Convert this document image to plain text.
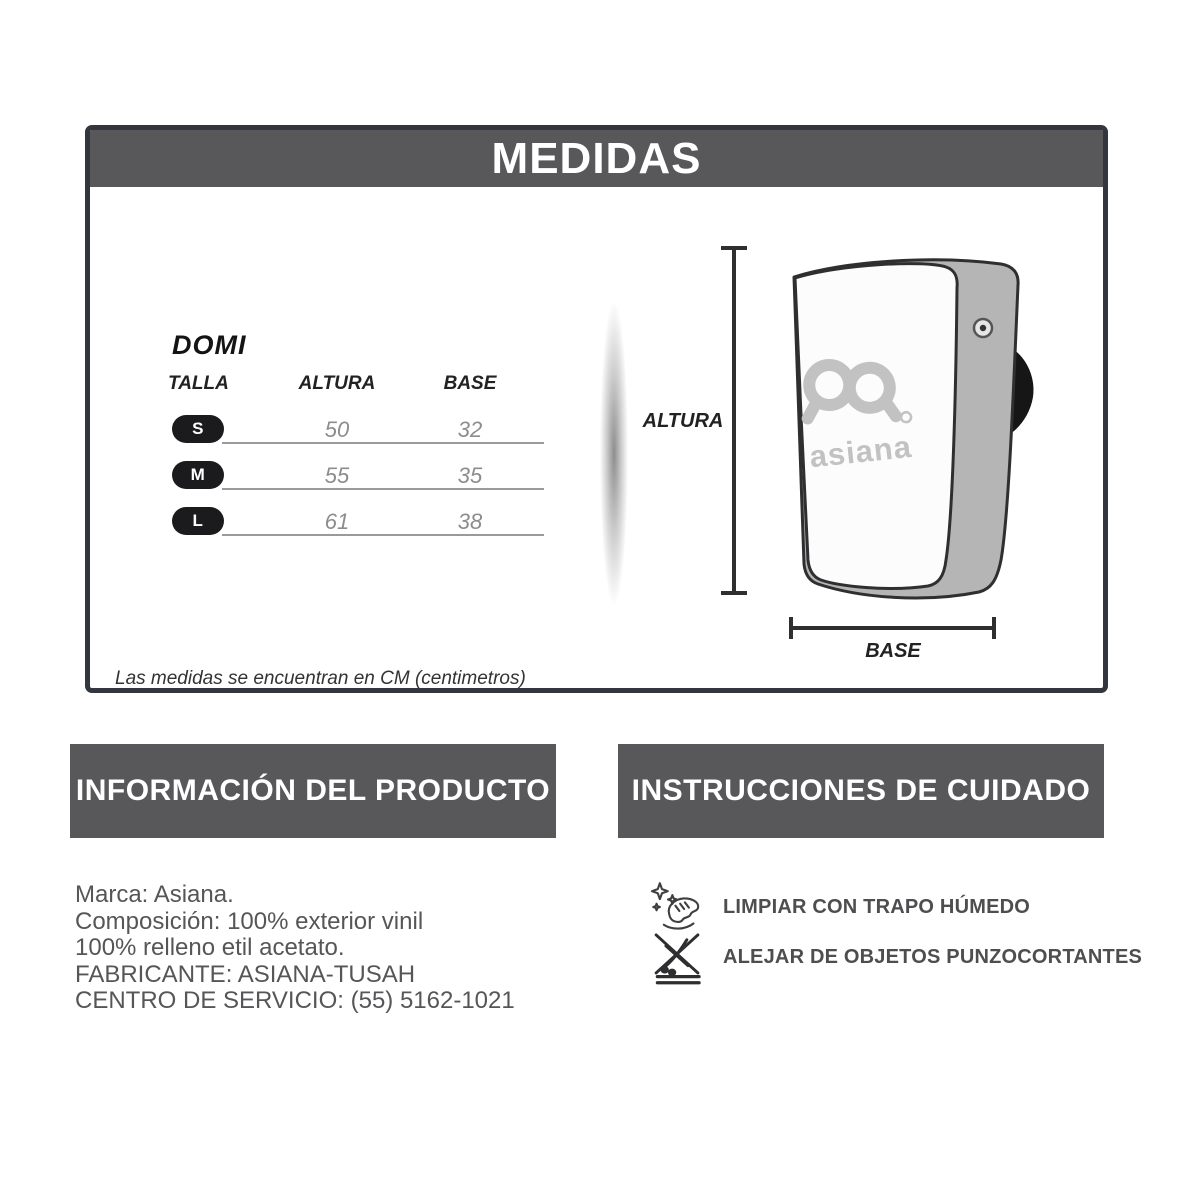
MEDIDAS
DOMI
TALLA	ALTURA	BASE
S	50	32
M	55	35
L	61	38
Las medidas se encuentran en CM (centimetros)
asiana
ALTURA
BASE
INFORMACIÓN DEL PRODUCTO	INSTRUCCIONES DE CUIDADO
Marca: Asiana.
Composición: 100% exterior vinil
100% relleno etil acetato.
FABRICANTE: ASIANA-TUSAH
CENTRO DE SERVICIO: (55) 5162-1021
LIMPIAR CON TRAPO HÚMEDO
ALEJAR DE OBJETOS PUNZOCORTANTES
